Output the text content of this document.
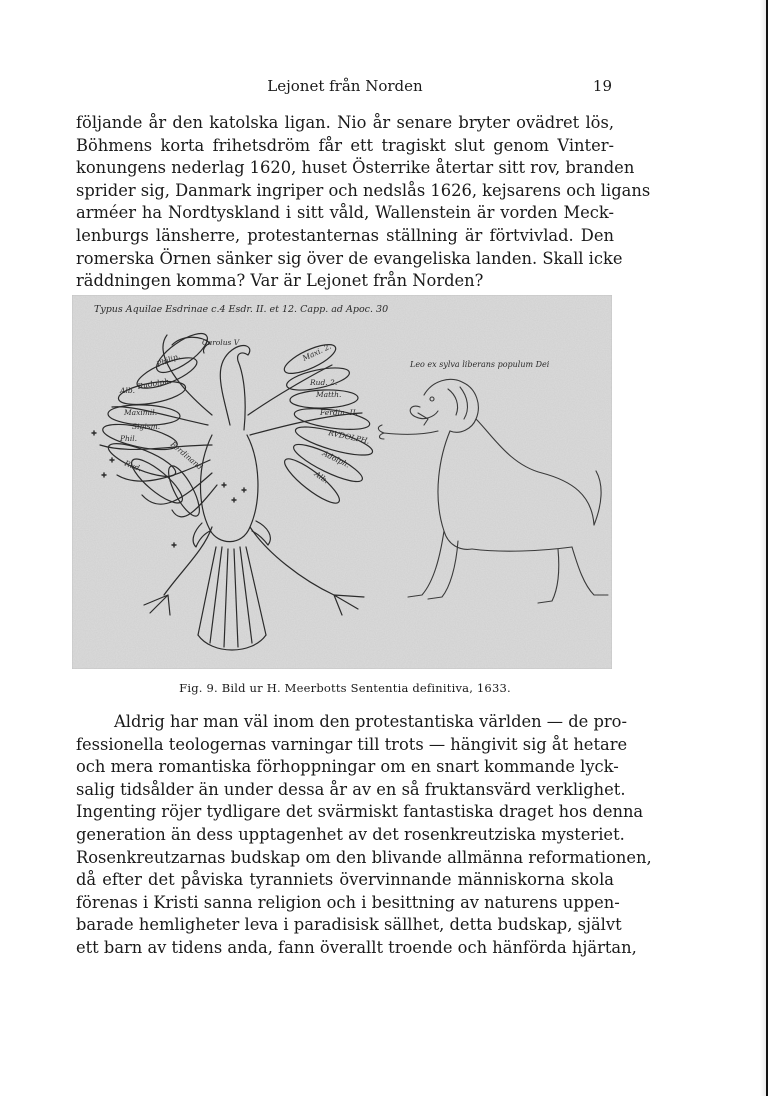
Lejonet från Norden	19
följande år den katolska ligan. Nio år senare bryter ovädret lös,
Böhmens korta frihetsdröm får ett tragiskt slut genom Vinter-
konungens nederlag 1620, huset Österrike återtar sitt rov, branden
sprider sig, Danmark ingriper och nedslås 1626, kejsarens och ligans
arméer ha Nordtyskland i sitt våld, Wallenstein är vorden Meck-
lenburgs länsherre, protestanternas ställning är förtvivlad. Den
romerska Örnen sänker sig över de evangeliska landen. Skall icke
räddningen komma? Var är Lejonet från Norden?
Typus Aquilae Esdrinae c.4 Esdr. II. et 12. Capp. ad Apoc. 30
Leo ex sylva liberans populum Dei
Carolus V
Philip.
Rudolph.
Maximil.
Alb.
Ferdinand
Phil.
Rud.
Sigism.
Maxi. 2.
Rud. 2.
Matth.
Ferdin. II.
RVDOLPH.
Adolph.
Alb.
Fig. 9. Bild ur H. Meerbotts Sententia definitiva, 1633.
Aldrig har man väl inom den protestantiska världen — de pro-
fessionella teologernas varningar till trots — hängivit sig åt hetare
och mera romantiska förhoppningar om en snart kommande lyck-
salig tidsålder än under dessa år av en så fruktansvärd verklighet.
Ingenting röjer tydligare det svärmiskt fantastiska draget hos denna
generation än dess upptagenhet av det rosenkreutziska mysteriet.
Rosenkreutzarnas budskap om den blivande allmänna reformationen,
då efter det påviska tyranniets övervinnande människorna skola
förenas i Kristi sanna religion och i besittning av naturens uppen-
barade hemligheter leva i paradisisk sällhet, detta budskap, självt
ett barn av tidens anda, fann överallt troende och hänförda hjärtan,
